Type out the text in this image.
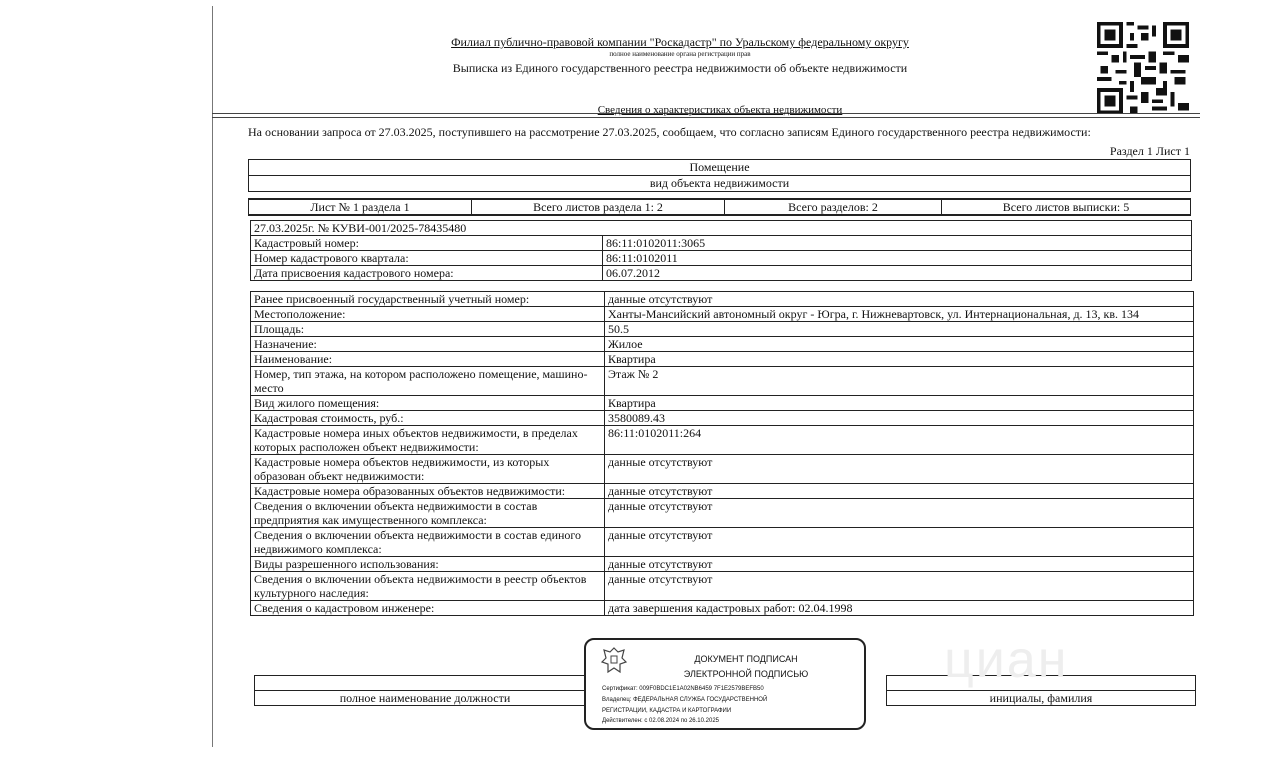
Филиал публично-правовой компании "Роскадастр" по Уральскому федеральному округу
полное наименование органа регистрации прав
Выписка из Единого государственного реестра недвижимости об объекте недвижимости
Сведения о характеристиках объекта недвижимости
На основании запроса от 27.03.2025, поступившего на рассмотрение 27.03.2025, сообщаем, что согласно записям Единого государственного реестра недвижимости:
Раздел 1 Лист 1
Помещение
вид объекта недвижимости
Лист № 1 раздела 1	Всего листов раздела 1: 2	Всего разделов: 2	Всего листов выписки: 5
27.03.2025г. № КУВИ-001/2025-78435480	
Кадастровый номер:	86:11:0102011:3065
Номер кадастрового квартала:	86:11:0102011
Дата присвоения кадастрового номера:	06.07.2012
Ранее присвоенный государственный учетный номер:	данные отсутствуют
Местоположение:	Ханты-Мансийский автономный округ - Югра, г. Нижневартовск, ул. Интернациональная, д. 13, кв. 134
Площадь:	50.5
Назначение:	Жилое
Наименование:	Квартира
Номер, тип этажа, на котором расположено помещение, машино-место	Этаж № 2
Вид жилого помещения:	Квартира
Кадастровая стоимость, руб.:	3580089.43
Кадастровые номера иных объектов недвижимости, в пределах которых расположен объект недвижимости:	86:11:0102011:264
Кадастровые номера объектов недвижимости, из которых образован объект недвижимости:	данные отсутствуют
Кадастровые номера образованных объектов недвижимости:	данные отсутствуют
Сведения о включении объекта недвижимости в состав предприятия как имущественного комплекса:	данные отсутствуют
Сведения о включении объекта недвижимости в состав единого недвижимого комплекса:	данные отсутствуют
Виды разрешенного использования:	данные отсутствуют
Сведения о включении объекта недвижимости в реестр объектов культурного наследия:	данные отсутствуют
Сведения о кадастровом инженере:	дата завершения кадастровых работ: 02.04.1998

полное наименование должности		инициалы, фамилия
циан
ДОКУМЕНТ ПОДПИСАН
ЭЛЕКТРОННОЙ ПОДПИСЬЮ
Сертификат: 009F0BDC1E1A02NB6459 7F1E2579BEFB50
Владелец: ФЕДЕРАЛЬНАЯ СЛУЖБА ГОСУДАРСТВЕННОЙ
РЕГИСТРАЦИИ, КАДАСТРА И КАРТОГРАФИИ
Действителен: с 02.08.2024 по 26.10.2025
